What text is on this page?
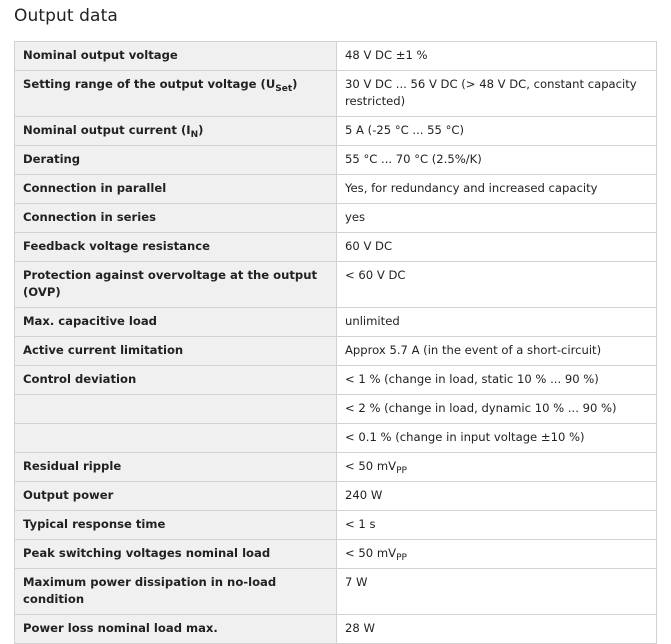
Output data
Nominal output voltage	48 V DC ±1 %
Setting range of the output voltage $(U_{Set})$	30 V DC ... 56 V DC (> 48 V DC, constant capacity restricted)
Nominal output current $(I_N)$	5 A (-25 °C ... 55 °C)
Derating	55 °C ... 70 °C (2.5%/K)
Connection in parallel	Yes, for redundancy and increased capacity
Connection in series	yes
Feedback voltage resistance	60 V DC
Protection against overvoltage at the output (OVP)	< 60 V DC
Max. capacitive load	unlimited
Active current limitation	Approx 5.7 A (in the event of a short-circuit)
Control deviation	< 1 % (change in load, static 10 % ... 90 %)
	< 2 % (change in load, dynamic 10 % ... 90 %)
	< 0.1 % (change in input voltage ±10 %)
Residual ripple	< 50 $mV_{PP}$
Output power	240 W
Typical response time	< 1 s
Peak switching voltages nominal load	< 50 $mV_{PP}$
Maximum power dissipation in no-load condition	7 W
Power loss nominal load max.	28 W
